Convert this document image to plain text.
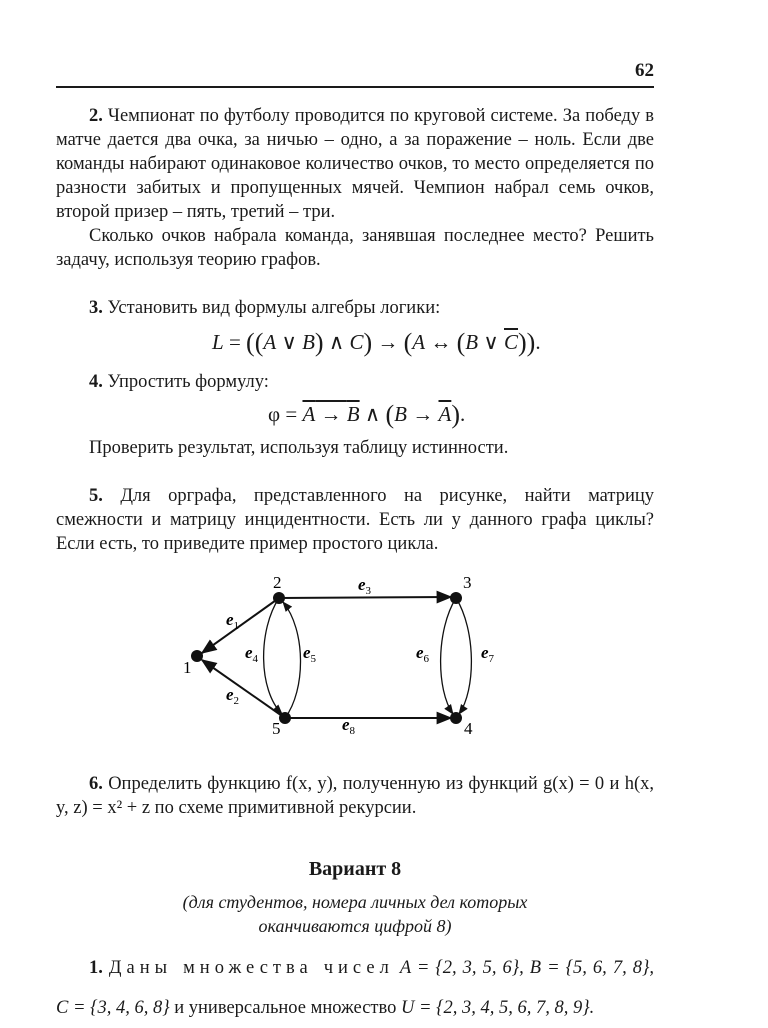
62

2. Чемпионат по футболу проводится по круговой системе. За победу в матче дается два очка, за ничью – одно, а за поражение – ноль. Если две команды набирают одинаковое количество очков, то место определяется по разности забитых и пропущенных мячей. Чемпион набрал семь очков, второй призер – пять, третий – три.

Сколько очков набрала команда, занявшая последнее место? Решить задачу, используя теорию графов.

3. Установить вид формулы алгебры логики:

L = ((A ∨ B) ∧ C) → (A ↔ (B ∨ $\overline{C}$)).

4. Упростить формулу:

φ = A → B ∧ $(B \to \overline{A})$.

Проверить результат, используя таблицу истинности.

5. Для орграфа, представленного на рисунке, найти матрицу смежности и матрицу инцидентности. Есть ли у данного графа циклы? Если есть, то приведите пример простого цикла.

$e_1$
$e_2$
$e_3$
$e_4$	$e_5$	$e_6$	$e_7$
$e_8$
1
2	3
4
5

6. Определить функцию f(x, y), полученную из функций g(x) = 0 и h(x, y, z) = x² + z по схеме примитивной рекурсии.

Вариант 8
(для студентов, номера личных дел которых
оканчиваются цифрой 8)

1. Даны множества чисел A = {2, 3, 5, 6}, B = {5, 6, 7, 8},

C = {3, 4, 6, 8} и универсальное множество U = {2, 3, 4, 5, 6, 7, 8, 9}.
